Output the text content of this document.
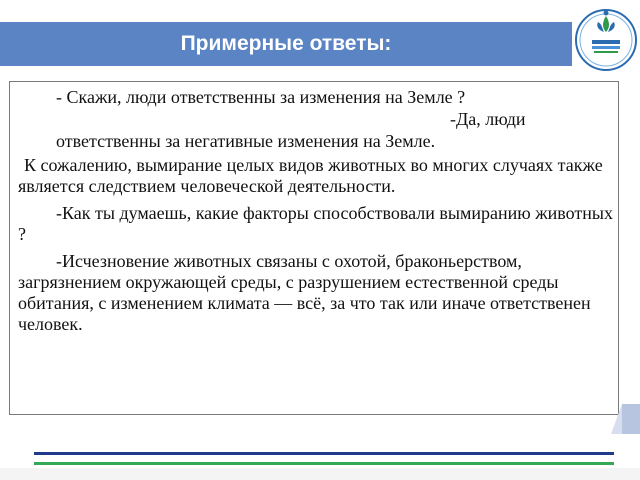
Примерные ответы:
- Скажи, люди ответственны за изменения на Земле ?
-Да, люди
ответственны за негативные изменения на Земле.
К сожалению, вымирание целых видов животных во многих случаях также является следствием человеческой деятельности.
-Как ты думаешь, какие факторы способствовали вымиранию животных ?
-Исчезновение животных связаны с охотой, браконьерством, загрязнением окружающей среды, с разрушением естественной среды обитания, с изменением климата — всё, за что так или иначе ответственен человек.
